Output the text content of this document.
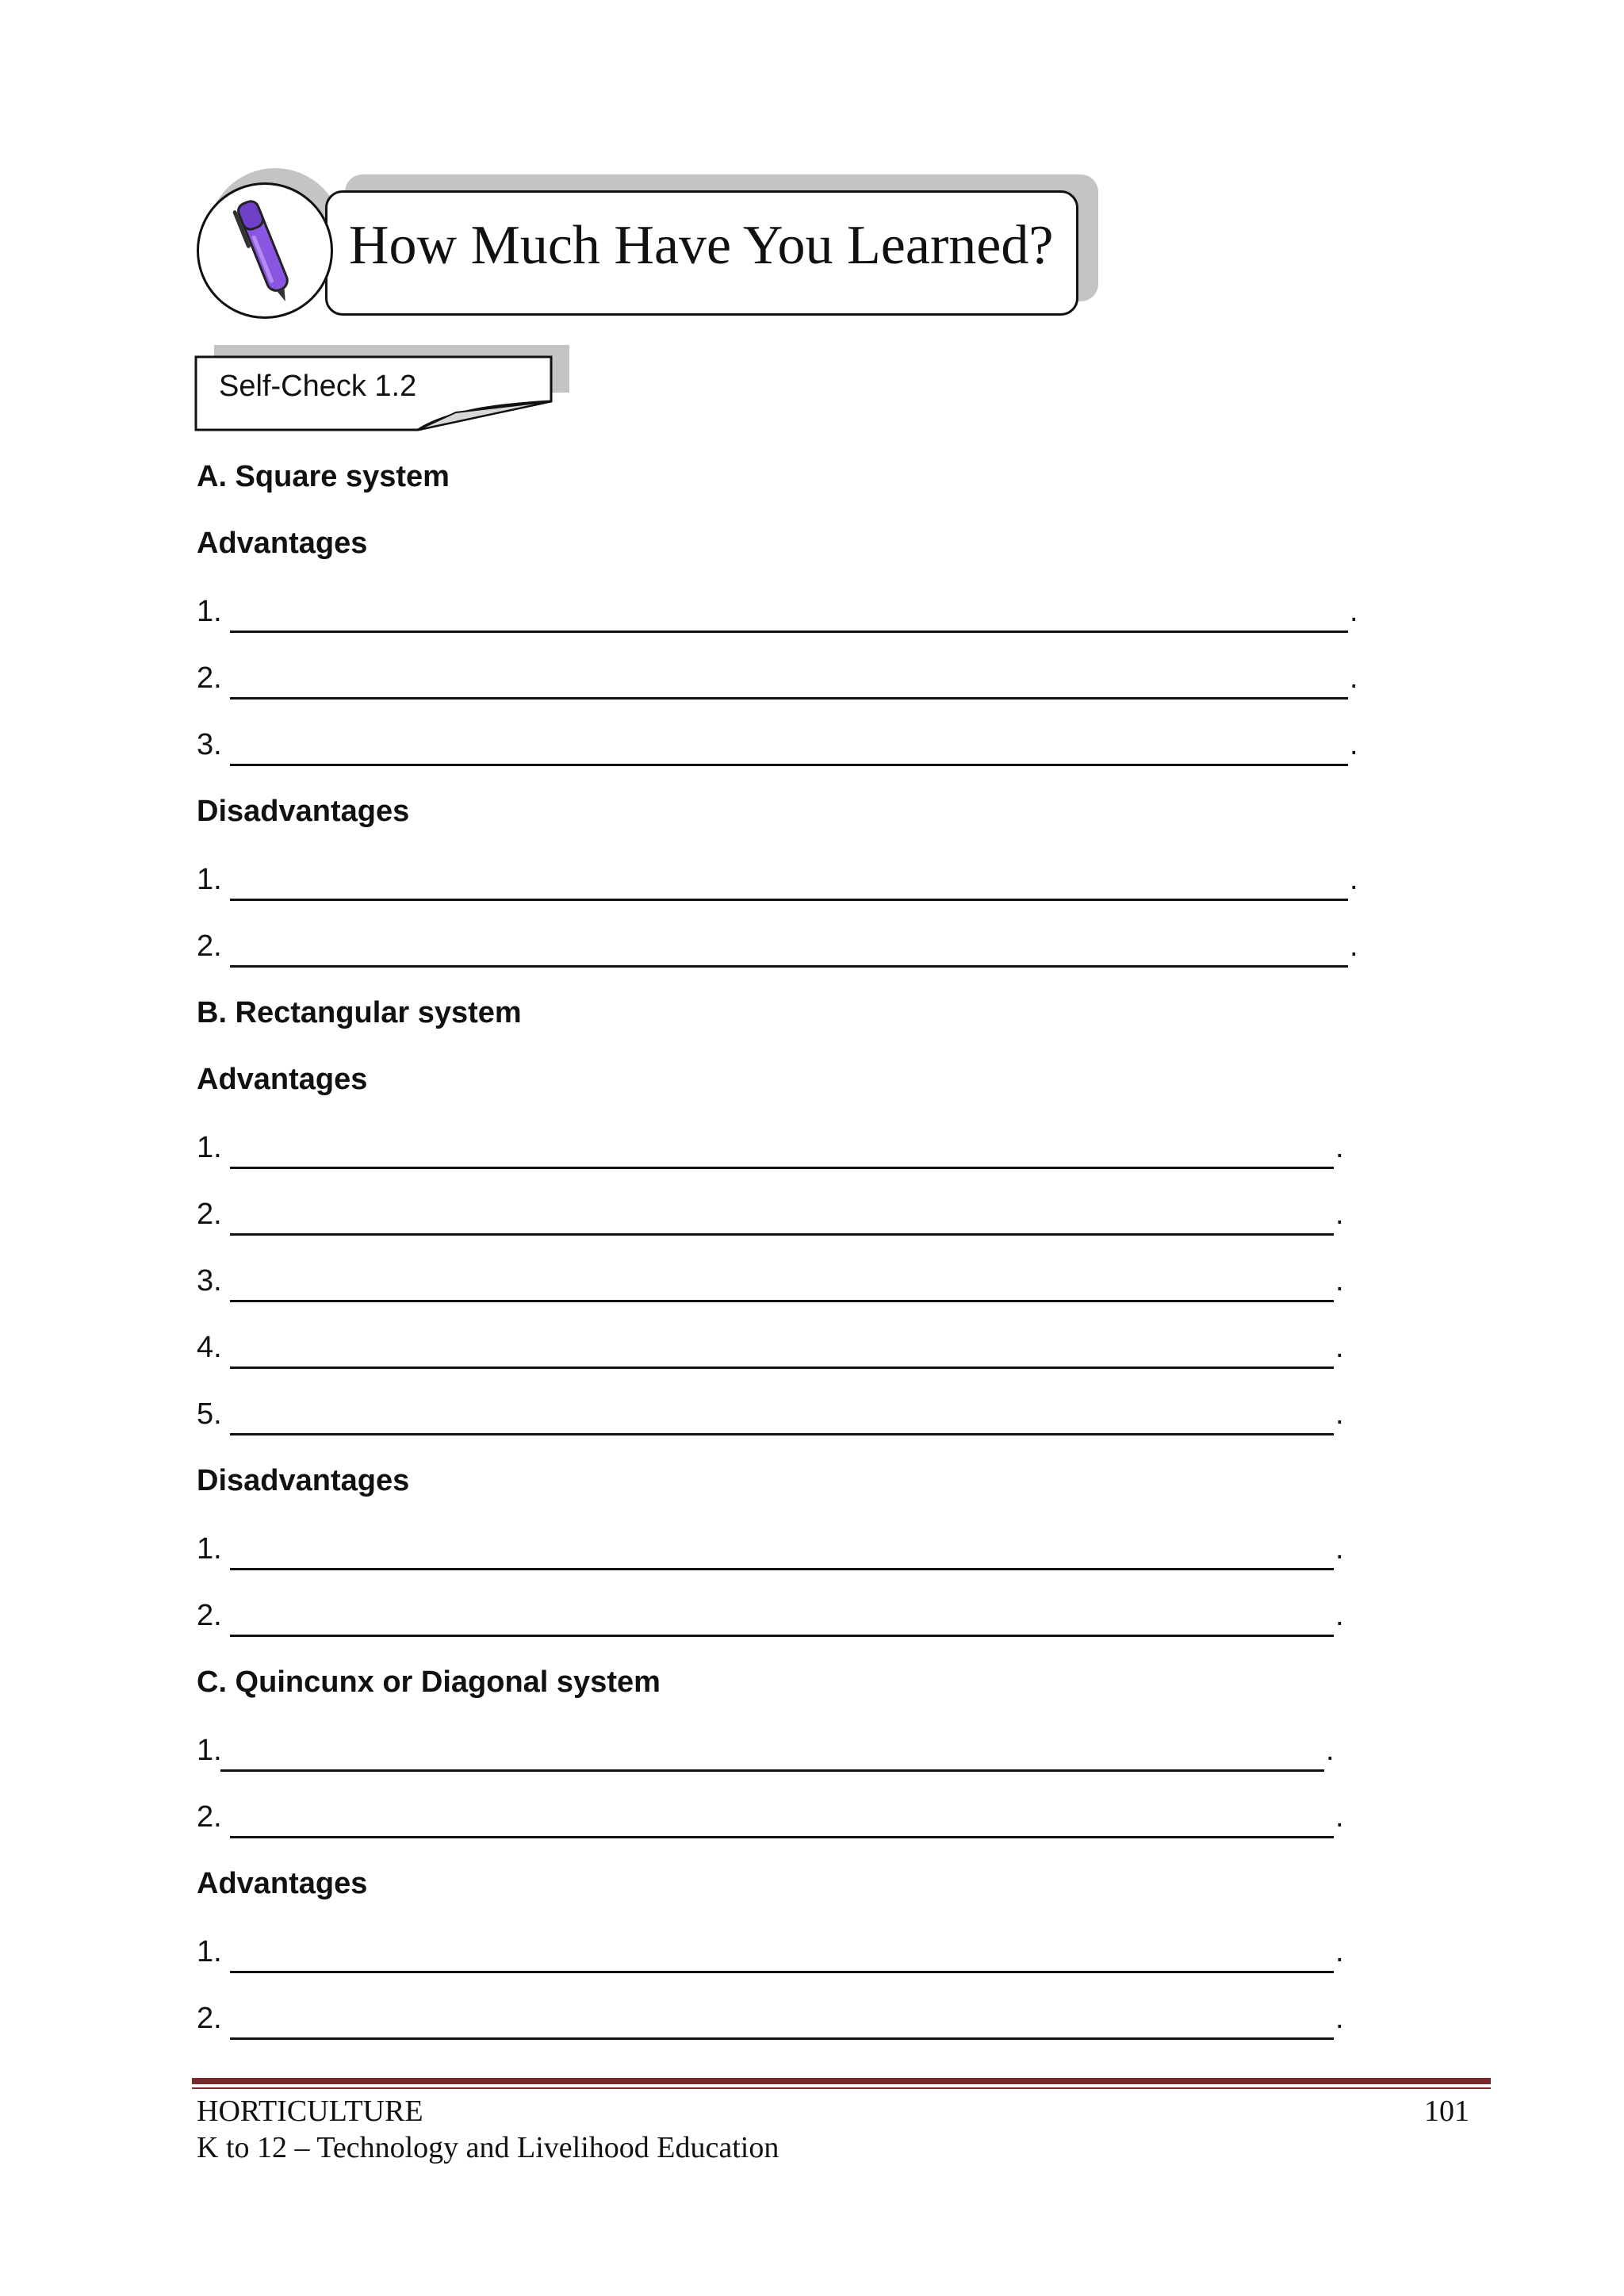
How Much Have You Learned?
Self-Check 1.2
A. Square system
Advantages
1.	.
2.	.
3.	.
Disadvantages
1.	.
2.	.
B. Rectangular system
Advantages
1.	.
2.	.
3.	.
4.	.
5.	.
Disadvantages
1.	.
2.	.
C. Quincunx or Diagonal system
1.	.
2.	.
Advantages
1.	.
2.	.
HORTICULTURE
K to 12 – Technology and Livelihood Education
101
